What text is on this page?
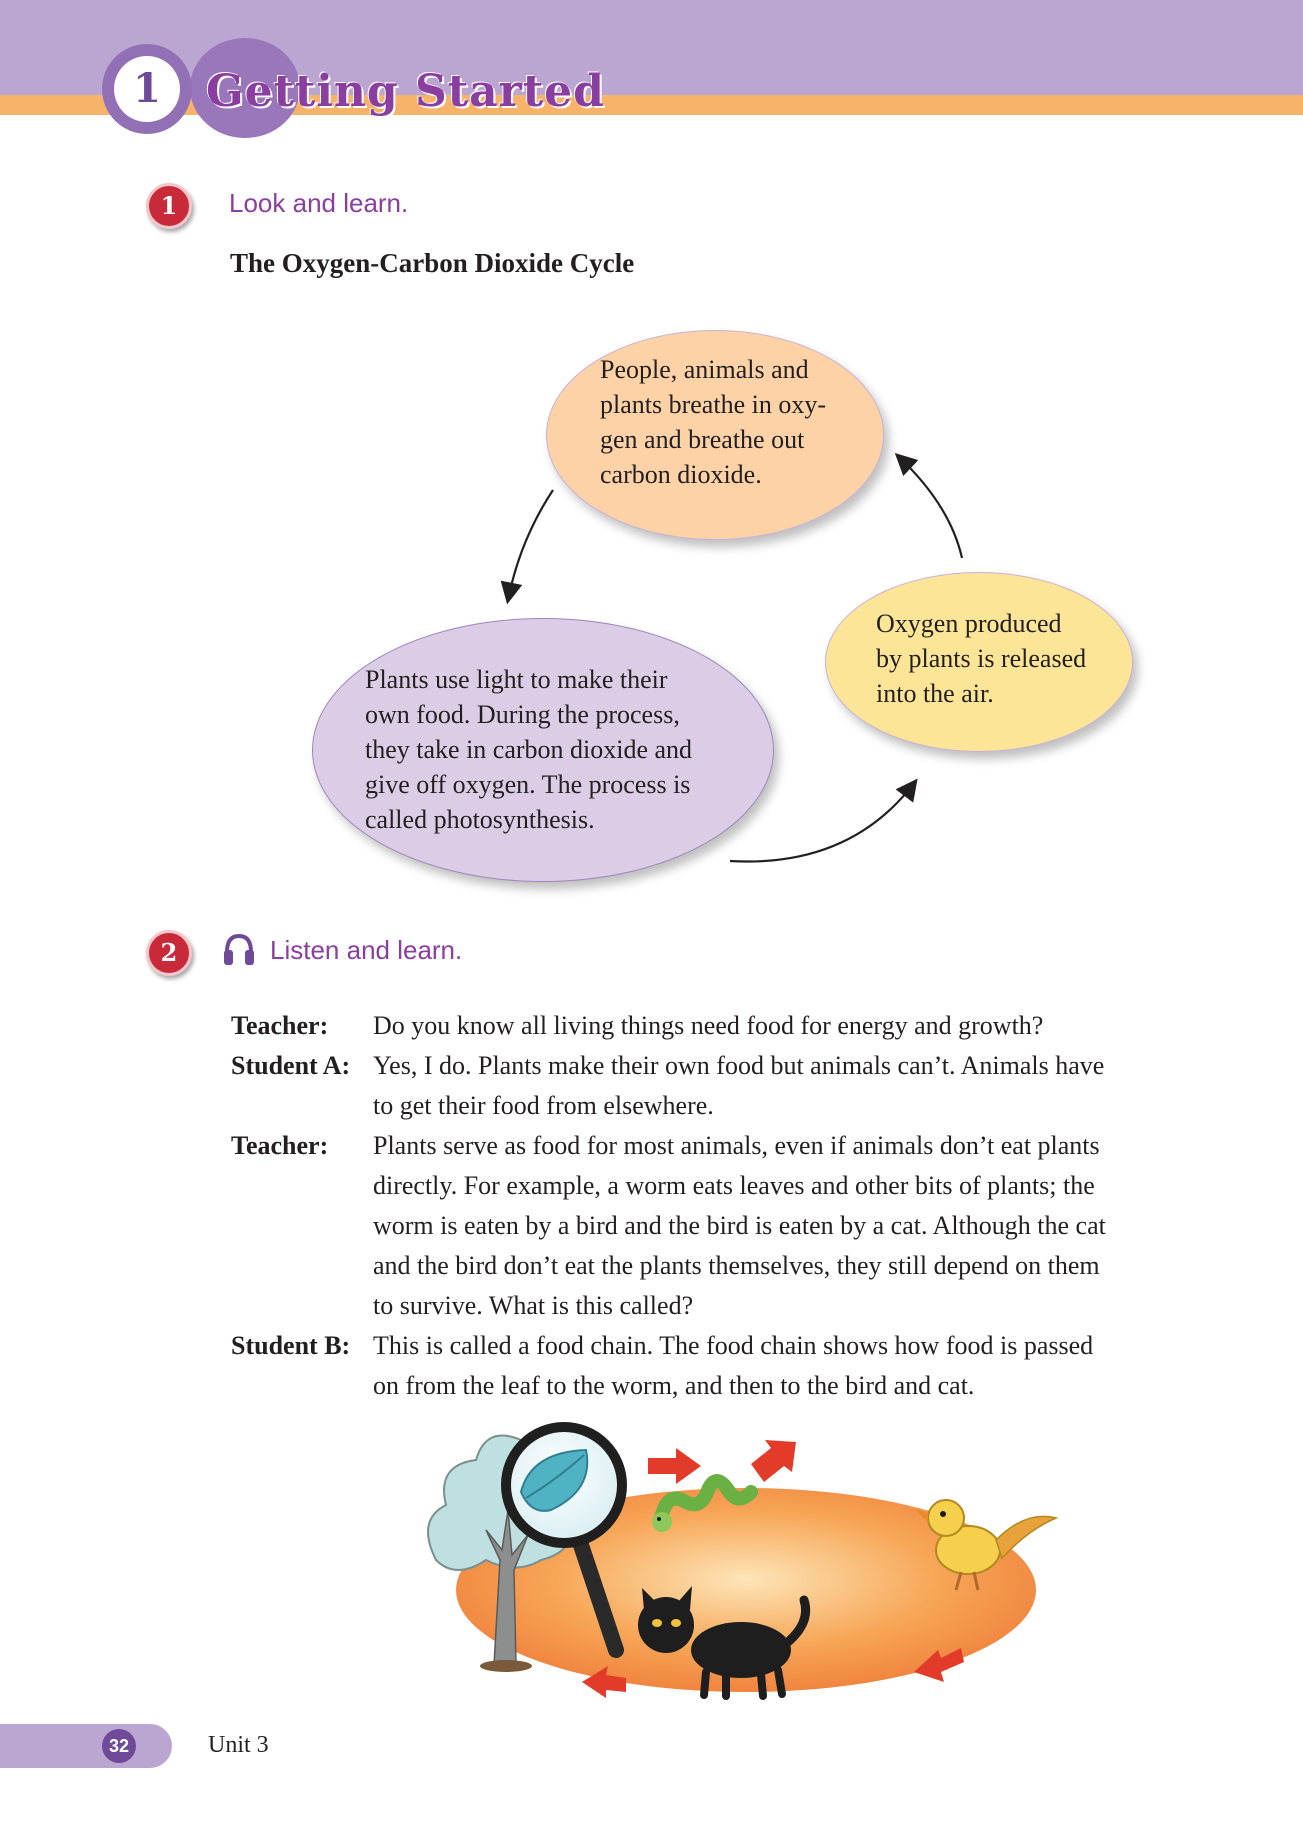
1	Getting Started
1	Look and learn.
The Oxygen-Carbon Dioxide Cycle
People, animals and
plants breathe in oxy-
gen and breathe out
carbon dioxide.
Oxygen produced
by plants is released
into the air.
Plants use light to make their
own food. During the process,
they take in carbon dioxide and
give off oxygen. The process is
called photosynthesis.
2	Listen and learn.
Teacher: Do you know all living things need food for energy and growth?
Student A: Yes, I do. Plants make their own food but animals can’t. Animals have
to get their food from elsewhere.
Teacher: Plants serve as food for most animals, even if animals don’t eat plants
directly. For example, a worm eats leaves and other bits of plants; the
worm is eaten by a bird and the bird is eaten by a cat. Although the cat
and the bird don’t eat the plants themselves, they still depend on them
to survive. What is this called?
Student B: This is called a food chain. The food chain shows how food is passed
on from the leaf to the worm, and then to the bird and cat.
32	Unit 3
